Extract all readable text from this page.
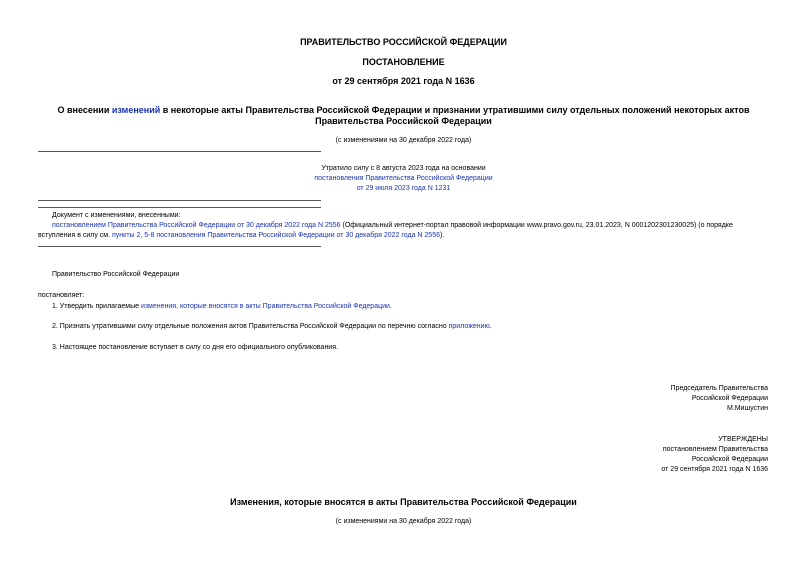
ПРАВИТЕЛЬСТВО РОССИЙСКОЙ ФЕДЕРАЦИИ
ПОСТАНОВЛЕНИЕ
от 29 сентября 2021 года N 1636
О внесении изменений в некоторые акты Правительства Российской Федерации и признании утратившими силу отдельных положений некоторых актов
Правительства Российской Федерации
(с изменениями на 30 декабря 2022 года)
Утратило силу с 8 августа 2023 года на основании
постановления Правительства Российской Федерации
от 29 июля 2023 года N 1231
Документ с изменениями, внесенными:
постановлением Правительства Российской Федерации от 30 декабря 2022 года N 2556 (Официальный интернет-портал правовой информации www.pravo.gov.ru, 23.01.2023, N 0001202301230025) (о порядке
вступления в силу см. пункты 2, 5-8 постановления Правительства Российской Федерации от 30 декабря 2022 года N 2556).
Правительство Российской Федерации
постановляет:
1. Утвердить прилагаемые изменения, которые вносятся в акты Правительства Российской Федерации.
2. Признать утратившими силу отдельные положения актов Правительства Российской Федерации по перечню согласно приложению.
3. Настоящее постановление вступает в силу со дня его официального опубликования.
Председатель Правительства
Российской Федерации
М.Мишустин
УТВЕРЖДЕНЫ
постановлением Правительства
Российской Федерации
от 29 сентября 2021 года N 1636
Изменения, которые вносятся в акты Правительства Российской Федерации
(с изменениями на 30 декабря 2022 года)
